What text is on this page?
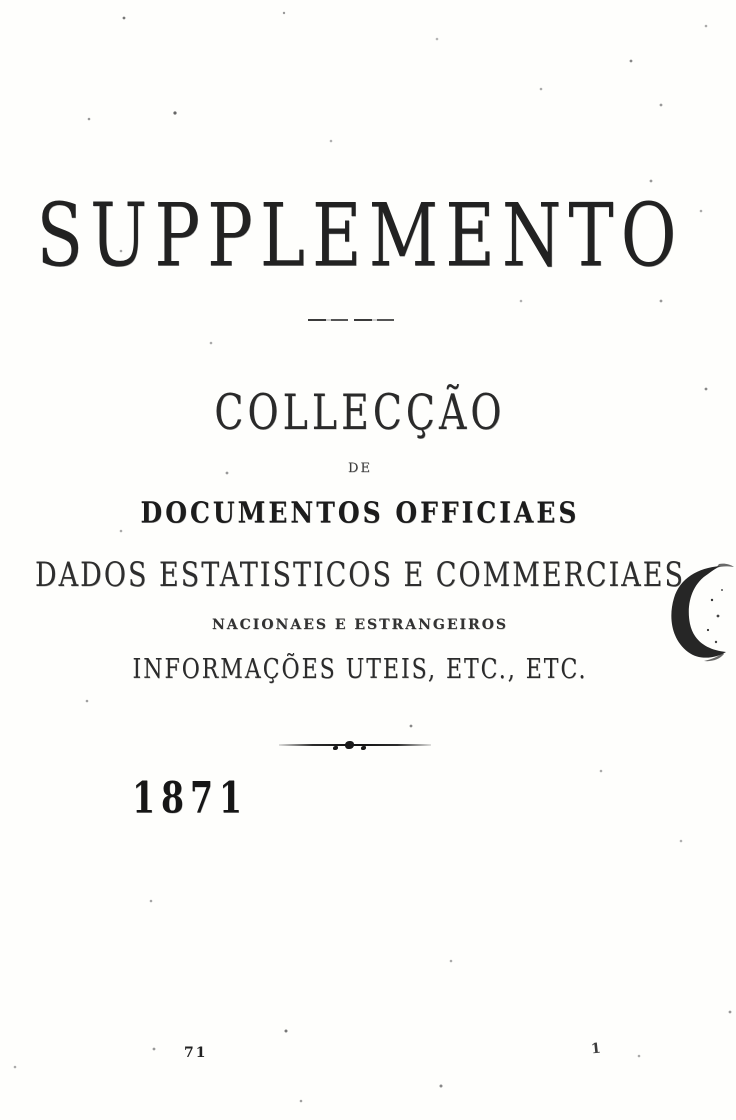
SUPPLEMENTO
COLLECÇÃO
DE
DOCUMENTOS OFFICIAES
DADOS ESTATISTICOS E COMMERCIAES
NACIONAES E ESTRANGEIROS
INFORMAÇÕES UTEIS, ETC., ETC.
1871
71	1
